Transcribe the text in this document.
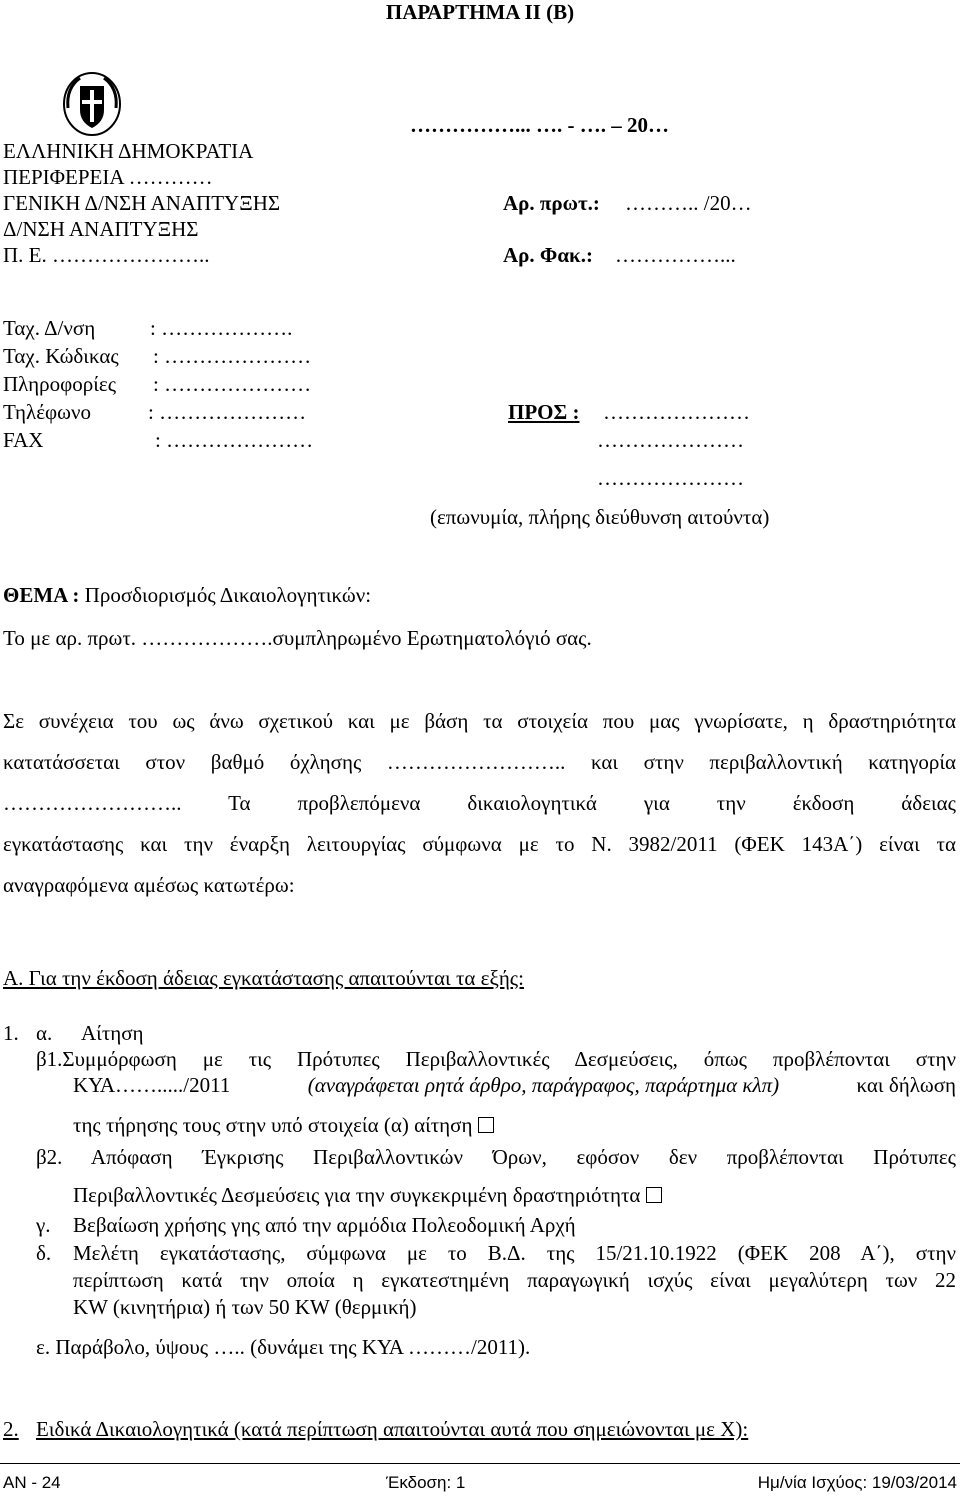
ΠΑΡΑΡΤΗΜΑ ΙΙ (Β)
ΕΛΛΗΝΙΚΗ ΔΗΜΟΚΡΑΤΙΑ
ΠΕΡΙΦΕΡΕΙΑ …………
ΓΕΝΙΚΗ Δ/ΝΣΗ ΑΝΑΠΤΥΞΗΣ
Δ/ΝΣΗ ΑΝΑΠΤΥΞΗΣ
Π. Ε. …………………..
……………... …. - …. – 20…
Αρ. πρωτ.: ……….. /20…
Αρ. Φακ.: ……………...
Ταχ. Δ/νση	: ……………….
Ταχ. Κώδικας : …………………
Πληροφορίες : …………………
Τηλέφωνο	: …………………
FAX	: …………………
ΠΡΟΣ : …………………
…………………
…………………
(επωνυμία, πλήρης διεύθυνση αιτούντα)
ΘΕΜΑ : Προσδιορισμός Δικαιολογητικών:
Το με αρ. πρωτ. ……………….συμπληρωμένο Ερωτηματολόγιό σας.
Σε συνέχεια του ως άνω σχετικού και με βάση τα στοιχεία που μας γνωρίσατε, η δραστηριότητα
κατατάσσεται στον βαθμό όχλησης …………………….. και στην περιβαλλοντική κατηγορία
…………………….. Τα προβλεπόμενα δικαιολογητικά για την έκδοση άδειας
εγκατάστασης και την έναρξη λειτουργίας σύμφωνα με το Ν. 3982/2011 (ΦΕΚ 143Α΄) είναι τα
αναγραφόμενα αμέσως κατωτέρω:
Α. Για την έκδοση άδειας εγκατάστασης απαιτούνται τα εξής:
1. α. Αίτηση
β1.Συμμόρφωση με τις Πρότυπες Περιβαλλοντικές Δεσμεύσεις, όπως προβλέπονται στην
ΚΥΑ……...../2011	(αναγράφεται ρητά άρθρο, παράγραφος, παράρτημα κλπ)	και δήλωση
της τήρησης τους στην υπό στοιχεία (α) αίτηση
β2. Απόφαση Έγκρισης Περιβαλλοντικών Όρων, εφόσον δεν προβλέπονται Πρότυπες
Περιβαλλοντικές Δεσμεύσεις για την συγκεκριμένη δραστηριότητα
γ. Βεβαίωση χρήσης γης από την αρμόδια Πολεοδομική Αρχή
δ. Μελέτη εγκατάστασης, σύμφωνα με το Β.Δ. της 15/21.10.1922 (ΦΕΚ 208 Α΄), στην
περίπτωση κατά την οποία η εγκατεστημένη παραγωγική ισχύς είναι μεγαλύτερη των 22
KW (κινητήρια) ή των 50 KW (θερμική)
ε. Παράβολο, ύψους ….. (δυνάμει της ΚΥΑ ………/2011).
2. Ειδικά Δικαιολογητικά (κατά περίπτωση απαιτούνται αυτά που σημειώνονται με Χ):
ΑΝ - 24	Έκδοση: 1	Ημ/νία Ισχύος: 19/03/2014
